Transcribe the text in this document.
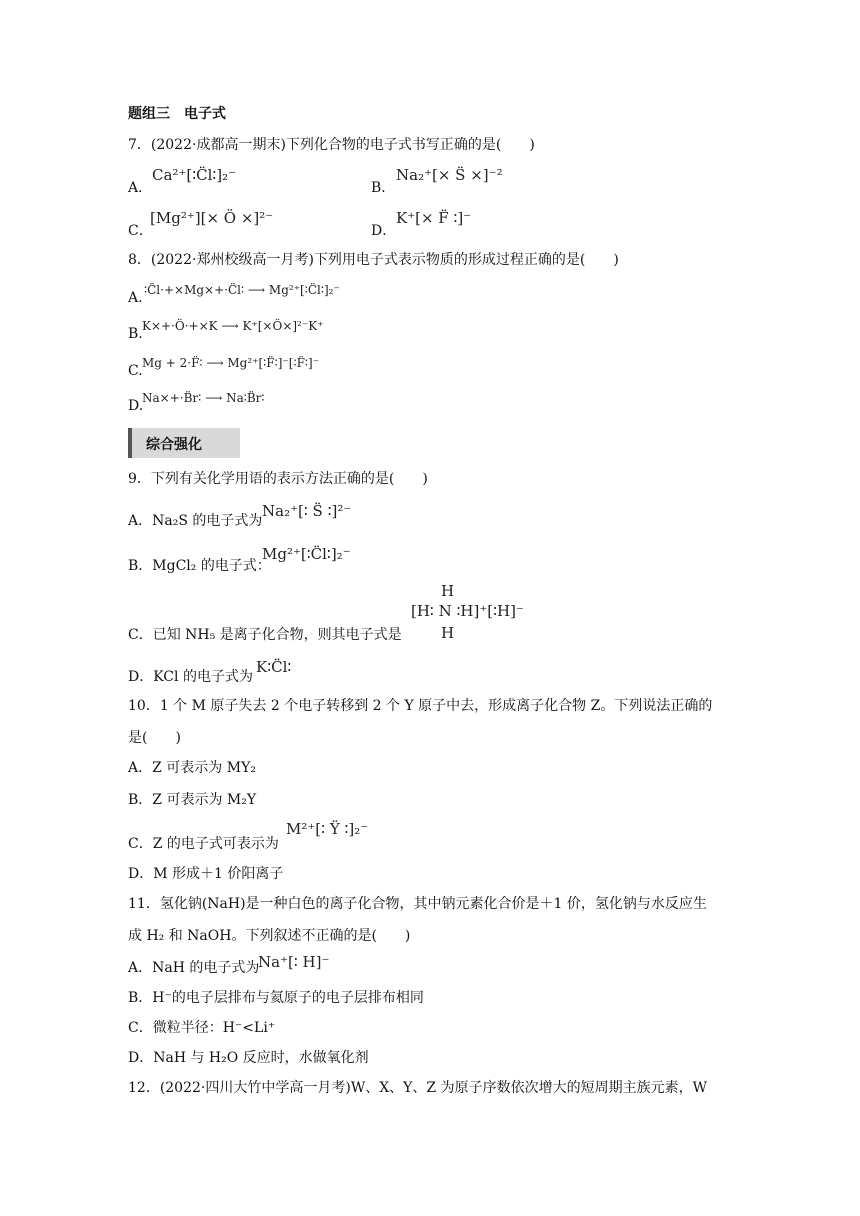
题组三　电子式
7．(2022·成都高一期末)下列化合物的电子式书写正确的是(　　)
A．
Ca²⁺[∶C̈l∶]₂⁻
B．
Na₂⁺[× S̈ ×]⁻²
C．
[Mg²⁺][× Ö ×]²⁻
D．
K⁺[× F̈ ∶]⁻
8．(2022·郑州校级高一月考)下列用电子式表示物质的形成过程正确的是(　　)
A. ∶C̈l·+×Mg×+·C̈l∶ ⟶ Mg²⁺[∶C̈l∶]₂⁻
B. K×+·Ö·+×K ⟶ K⁺[×Ö×]²⁻K⁺
C. Mg + 2·F̈∶ ⟶ Mg²⁺[∶F̈∶]⁻[∶F̈∶]⁻
D.
Na×+·B̈r∶ ⟶ Na∶B̈r∶
综合强化
9．下列有关化学用语的表示方法正确的是(　　)
A．Na₂S 的电子式为
Na₂⁺[∶ S̈ ∶]²⁻
B．MgCl₂ 的电子式：
Mg²⁺[∶C̈l∶]₂⁻
H
[H∶ N ∶H]⁺[∶H]⁻
H
C．已知 NH₅ 是离子化合物，则其电子式是
D．KCl 的电子式为
K∶C̈l∶
10．1 个 M 原子失去 2 个电子转移到 2 个 Y 原子中去，形成离子化合物 Z。下列说法正确的
是(　　)
A．Z 可表示为 MY₂
B．Z 可表示为 M₂Y
C．Z 的电子式可表示为
M²⁺[∶ Ÿ ∶]₂⁻
D．M 形成＋1 价阳离子
11．氢化钠(NaH)是一种白色的离子化合物，其中钠元素化合价是＋1 价，氢化钠与水反应生
成 H₂ 和 NaOH。下列叙述不正确的是(　　)
A．NaH 的电子式为
Na⁺[∶ H]⁻
B．H⁻的电子层排布与氦原子的电子层排布相同
C．微粒半径：H⁻<Li⁺
D．NaH 与 H₂O 反应时，水做氧化剂
12．(2022·四川大竹中学高一月考)W、X、Y、Z 为原子序数依次增大的短周期主族元素，W
